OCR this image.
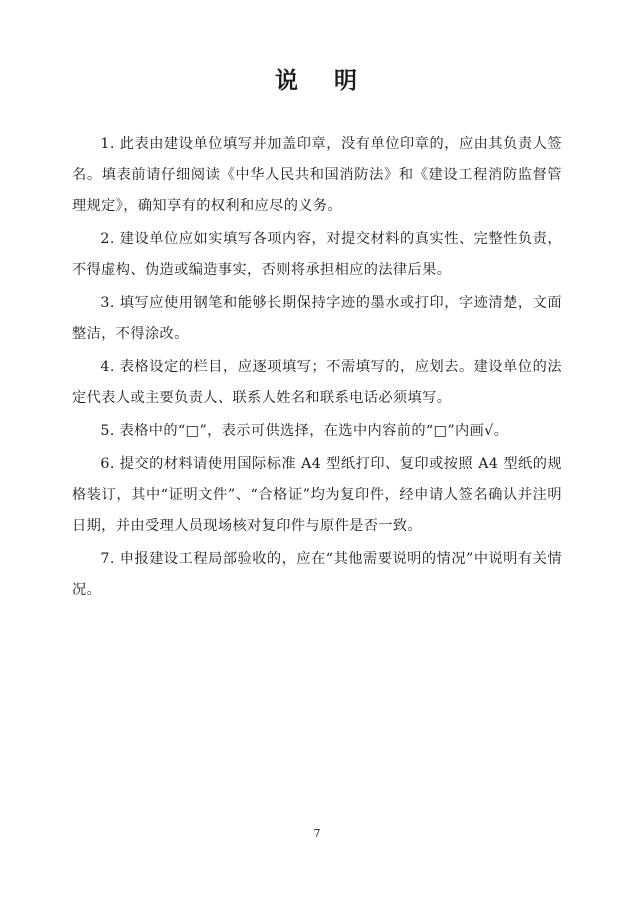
说 明

1. 此表由建设单位填写并加盖印章，没有单位印章的，应由其负责人签名。填表前请仔细阅读《中华人民共和国消防法》和《建设工程消防监督管理规定》，确知享有的权利和应尽的义务。

2. 建设单位应如实填写各项内容，对提交材料的真实性、完整性负责，不得虚构、伪造或编造事实，否则将承担相应的法律后果。

3. 填写应使用钢笔和能够长期保持字迹的墨水或打印，字迹清楚，文面整洁，不得涂改。

4. 表格设定的栏目，应逐项填写；不需填写的，应划去。建设单位的法定代表人或主要负责人、联系人姓名和联系电话必须填写。

5. 表格中的“□”，表示可供选择，在选中内容前的“□”内画√。

6. 提交的材料请使用国际标准 A4 型纸打印、复印或按照 A4 型纸的规格装订，其中“证明文件”、“合格证”均为复印件，经申请人签名确认并注明日期，并由受理人员现场核对复印件与原件是否一致。

7. 申报建设工程局部验收的，应在“其他需要说明的情况”中说明有关情况。

7
